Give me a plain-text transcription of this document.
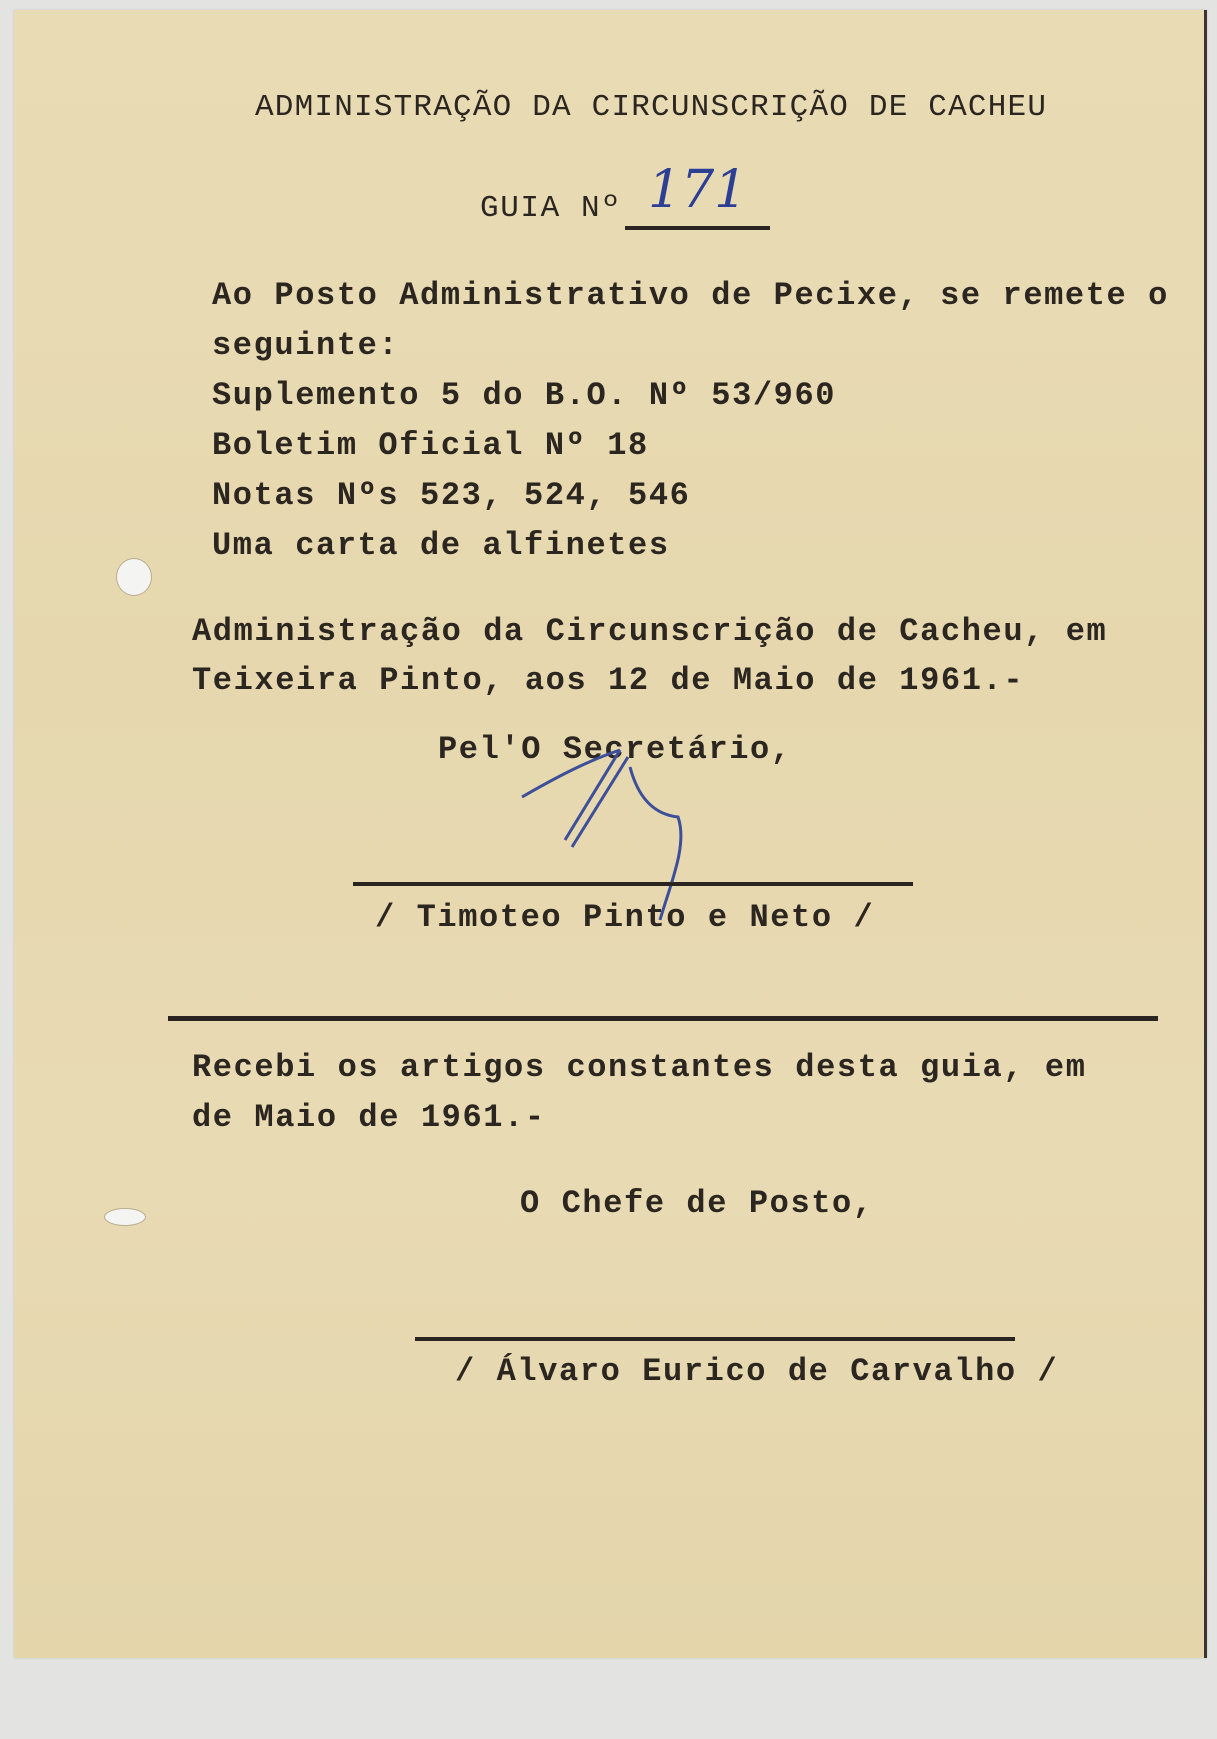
ADMINISTRAÇÃO DA CIRCUNSCRIÇÃO DE CACHEU
GUIA Nº 171
Ao Posto Administrativo de Pecixe, se remete o
seguinte:
Suplemento 5 do B.O. Nº 53/960
Boletim Oficial Nº 18
Notas Nºs 523, 524, 546
Uma carta de alfinetes
Administração da Circunscrição de Cacheu, em
Teixeira Pinto, aos 12 de Maio de 1961.-
Pel'O Secretário,
/ Timoteo Pinto e Neto /
Recebi os artigos constantes desta guia, em
de Maio de 1961.-
O Chefe de Posto,
/ Álvaro Eurico de Carvalho /
